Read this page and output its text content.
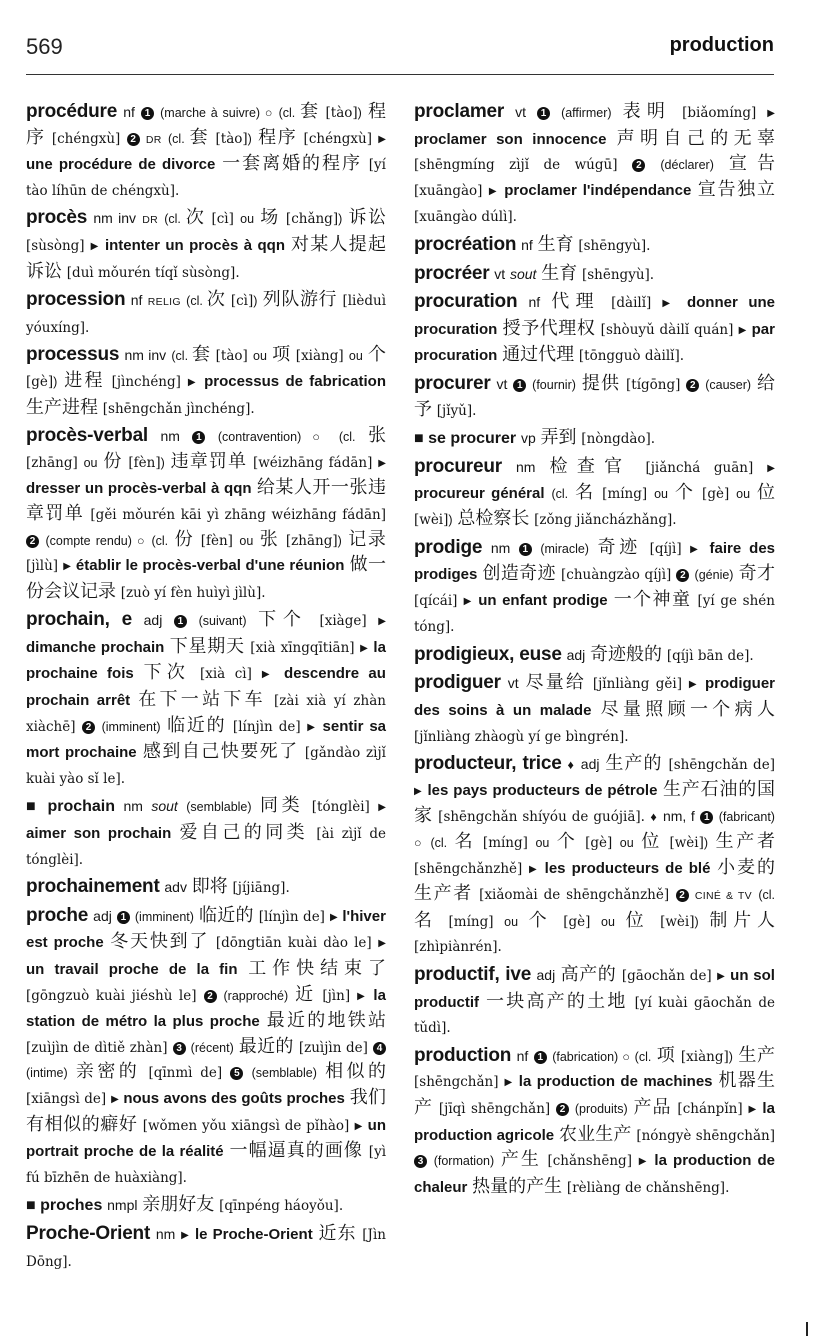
569	production

procédure nf 1 (marche à suivre) ○ (cl. 套 [tào]) 程序 [chéngxù] 2 DR (cl. 套 [tào]) 程序 [chéngxù] ▶ une procédure de divorce 一套离婚的程序 [yí tào líhūn de chéngxù].

procès nm inv DR (cl. 次 [cì] ou 场 [chǎng]) 诉讼 [sùsòng] ▶ intenter un procès à qqn 对某人提起诉讼 [duì mǒurén tíqǐ sùsòng].

procession nf RELIG (cl. 次 [cì]) 列队游行 [lièduì yóuxíng].

processus nm inv (cl. 套 [tào] ou 项 [xiàng] ou 个 [gè]) 进程 [jìnchéng] ▶ processus de fabrication 生产进程 [shēngchǎn jìnchéng].

procès-verbal nm 1 (contravention) ○ (cl. 张 [zhāng] ou 份 [fèn]) 违章罚单 [wéizhāng fádān] ▶ dresser un procès-verbal à qqn 给某人开一张违章罚单 [gěi mǒurén kāi yì zhāng wéizhāng fádān] 2 (compte rendu) ○ (cl. 份 [fèn] ou 张 [zhāng]) 记录 [jìlù] ▶ établir le procès-verbal d'une réunion 做一份会议记录 [zuò yí fèn huìyì jìlù].

prochain, e adj 1 (suivant) 下个 [xiàge] ▶ dimanche prochain 下星期天 [xià xīngqītiān] ▶ la prochaine fois 下次 [xià cì] ▶ descendre au prochain arrêt 在下一站下车 [zài xià yí zhàn xiàchē] 2 (imminent) 临近的 [línjìn de] ▶ sentir sa mort prochaine 感到自己快要死了 [gǎndào zìjǐ kuài yào sǐ le].

■ prochain nm sout (semblable) 同类 [tónglèi] ▶ aimer son prochain 爱自己的同类 [ài zìjǐ de tónglèi].

prochainement adv 即将 [jíjiāng].

proche adj 1 (imminent) 临近的 [línjìn de] ▶ l'hiver est proche 冬天快到了 [dōngtiān kuài dào le] ▶ un travail proche de la fin 工作快结束了 [gōngzuò kuài jiéshù le] 2 (rapproché) 近 [jìn] ▶ la station de métro la plus proche 最近的地铁站 [zuìjìn de dìtiě zhàn] 3 (récent) 最近的 [zuìjìn de] 4 (intime) 亲密的 [qīnmì de] 5 (semblable) 相似的 [xiāngsì de] ▶ nous avons des goûts proches 我们有相似的癖好 [wǒmen yǒu xiāngsì de pǐhào] ▶ un portrait proche de la réalité 一幅逼真的画像 [yì fú bīzhēn de huàxiàng].

■ proches nmpl 亲朋好友 [qīnpéng háoyǒu].

Proche-Orient nm ▶ le Proche-Orient 近东 [Jìn Dōng].

proclamer vt 1 (affirmer) 表明 [biǎomíng] ▶ proclamer son innocence 声明自己的无辜 [shēngmíng zìjǐ de wúgū] 2 (déclarer) 宣告 [xuāngào] ▶ proclamer l'indépendance 宣告独立 [xuāngào dúlì].

procréation nf 生育 [shēngyù].

procréer vt sout 生育 [shēngyù].

procuration nf 代理 [dàilǐ] ▶ donner une procuration 授予代理权 [shòuyǔ dàilǐ quán] ▶ par procuration 通过代理 [tōngguò dàilǐ].

procurer vt 1 (fournir) 提供 [tígōng] 2 (causer) 给予 [jǐyǔ].

■ se procurer vp 弄到 [nòngdào].

procureur nm 检查官 [jiǎnchá guān] ▶ procureur général (cl. 名 [míng] ou 个 [gè] ou 位 [wèi]) 总检察长 [zǒng jiǎncházhǎng].

prodige nm 1 (miracle) 奇迹 [qíjì] ▶ faire des prodiges 创造奇迹 [chuàngzào qíjì] 2 (génie) 奇才 [qícái] ▶ un enfant prodige 一个神童 [yí ge shén tóng].

prodigieux, euse adj 奇迹般的 [qíjì bān de].

prodiguer vt 尽量给 [jǐnliàng gěi] ▶ prodiguer des soins à un malade 尽量照顾一个病人 [jǐnliàng zhàogù yí ge bìngrén].

producteur, trice ♦ adj 生产的 [shēngchǎn de] ▶ les pays producteurs de pétrole 生产石油的国家 [shēngchǎn shíyóu de guójiā]. ♦ nm, f 1 (fabricant) ○ (cl. 名 [míng] ou 个 [gè] ou 位 [wèi]) 生产者 [shēngchǎnzhě] ▶ les producteurs de blé 小麦的生产者 [xiǎomài de shēngchǎnzhě] 2 CINÉ & TV (cl. 名 [míng] ou 个 [gè] ou 位 [wèi]) 制片人 [zhìpiànrén].

productif, ive adj 高产的 [gāochǎn de] ▶ un sol productif 一块高产的土地 [yí kuài gāochǎn de tǔdì].

production nf 1 (fabrication) ○ (cl. 项 [xiàng]) 生产 [shēngchǎn] ▶ la production de machines 机器生产 [jīqì shēngchǎn] 2 (produits) 产品 [chánpǐn] ▶ la production agricole 农业生产 [nóngyè shēngchǎn] 3 (formation) 产生 [chǎnshēng] ▶ la production de chaleur 热量的产生 [rèliàng de chǎnshēng].
